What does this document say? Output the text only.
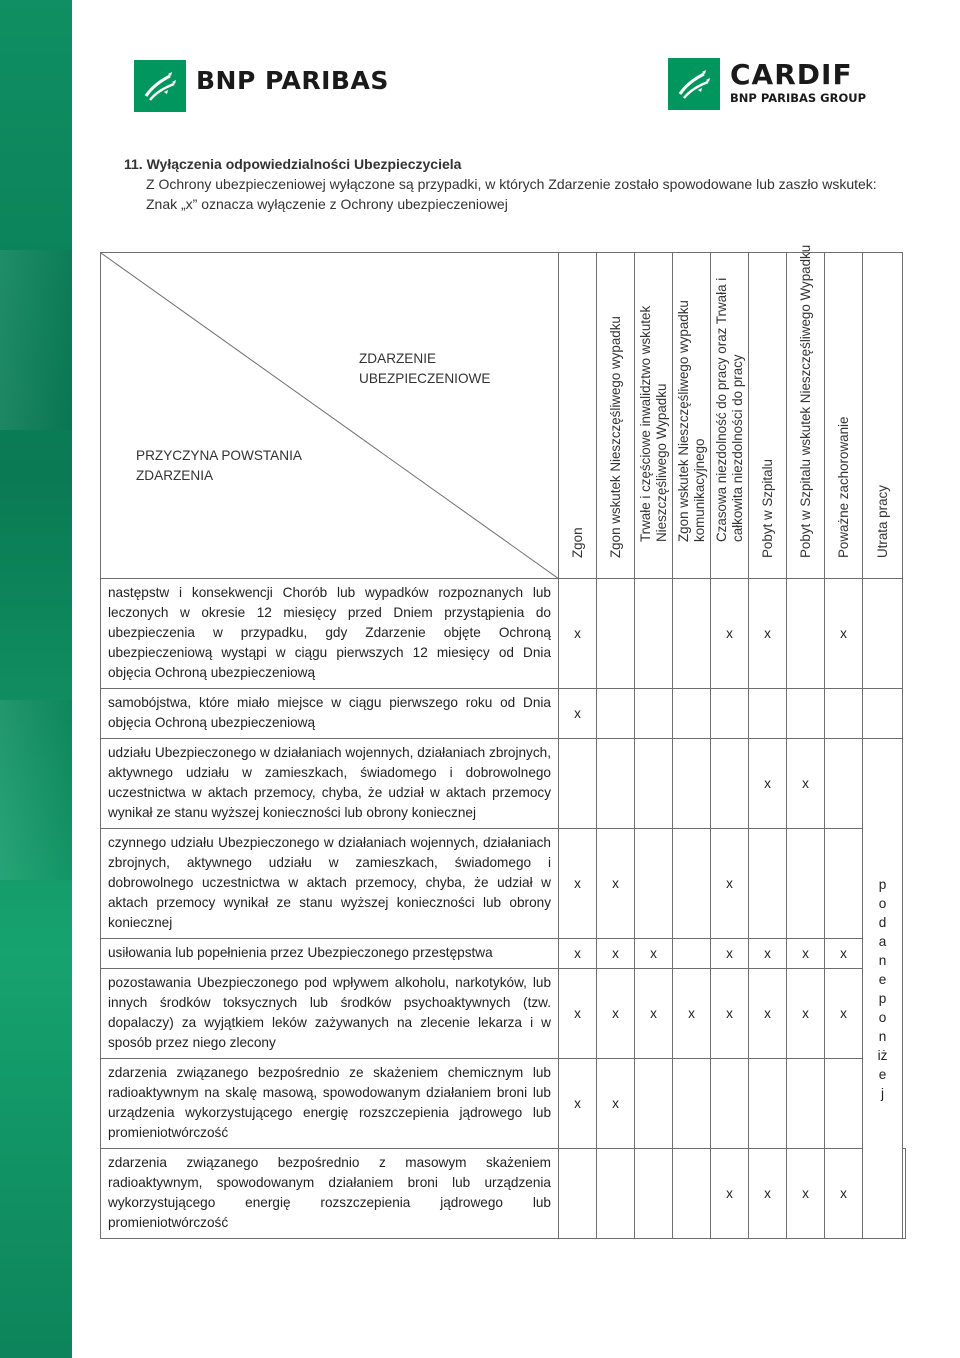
BNP PARIBAS	CARDIF
BNP PARIBAS GROUP
11. Wyłączenia odpowiedzialności Ubezpieczyciela
Z Ochrony ubezpieczeniowej wyłączone są przypadki, w których Zdarzenie zostało spowodowane lub zaszło wskutek:
Znak „x” oznacza wyłączenie z Ochrony ubezpieczeniowej
ZDARZENIE UBEZPIECZENIOWE
PRZYCZYNA POWSTANIA ZDARZENIA	Zgon	Zgon wskutek Nieszczęśliwego wypadku	Trwałe i częściowe inwalidztwo wskutek Nieszczęśliwego Wypadku	Zgon wskutek Nieszczęśliwego wypadku komunikacyjnego	Czasowa niezdolność do pracy oraz Trwała i całkowita niezdolności do pracy	Pobyt w Szpitalu	Pobyt w Szpitalu wskutek Nieszczęśliwego Wypadku	Poważne zachorowanie	Utrata pracy	

następstw i konsekwencji Chorób lub wypadków rozpoznanych lub leczonych w okresie 12 miesięcy przed Dniem przystąpienia do ubezpieczenia w przypadku, gdy Zdarzenie objęte Ochroną ubezpieczeniową wystąpi w ciągu pierwszych 12 miesięcy od Dnia objęcia Ochroną ubezpieczeniową	x				x	x		x		
samobójstwa, które miało miejsce w ciągu pierwszego roku od Dnia objęcia Ochroną ubezpieczeniową	x									
udziału Ubezpieczonego w działaniach wojennych, działaniach zbrojnych, aktywnego udziału w zamieszkach, świadomego i dobrowolnego uczestnictwa w aktach przemocy, chyba, że udział w aktach przemocy wynikał ze stanu wyższej konieczności lub obrony koniecznej						x	x		podane poniżej	
czynnego udziału Ubezpieczonego w działaniach wojennych, działaniach zbrojnych, aktywnego udziału w zamieszkach, świadomego i dobrowolnego uczestnictwa w aktach przemocy, chyba, że udział w aktach przemocy wynikał ze stanu wyższej konieczności lub obrony koniecznej	x	x			x					
usiłowania lub popełnienia przez Ubezpieczonego przestępstwa	x	x	x		x	x	x	x		
pozostawania Ubezpieczonego pod wpływem alkoholu, narkotyków, lub innych środków toksycznych lub środków psychoaktywnych (tzw. dopalaczy) za wyjątkiem leków zażywanych na zlecenie lekarza i w sposób przez niego zlecony	x	x	x	x	x	x	x	x		
zdarzenia związanego bezpośrednio ze skażeniem chemicznym lub radioaktywnym na skalę masową, spowodowanym działaniem broni lub urządzenia wykorzystującego energię rozszczepienia jądrowego lub promieniotwórczość	x	x								
zdarzenia związanego bezpośrednio z masowym skażeniem radioaktywnym, spowodowanym działaniem broni lub urządzenia wykorzystującego energię rozszczepienia jądrowego lub promieniotwórczość					x	x	x	x		
